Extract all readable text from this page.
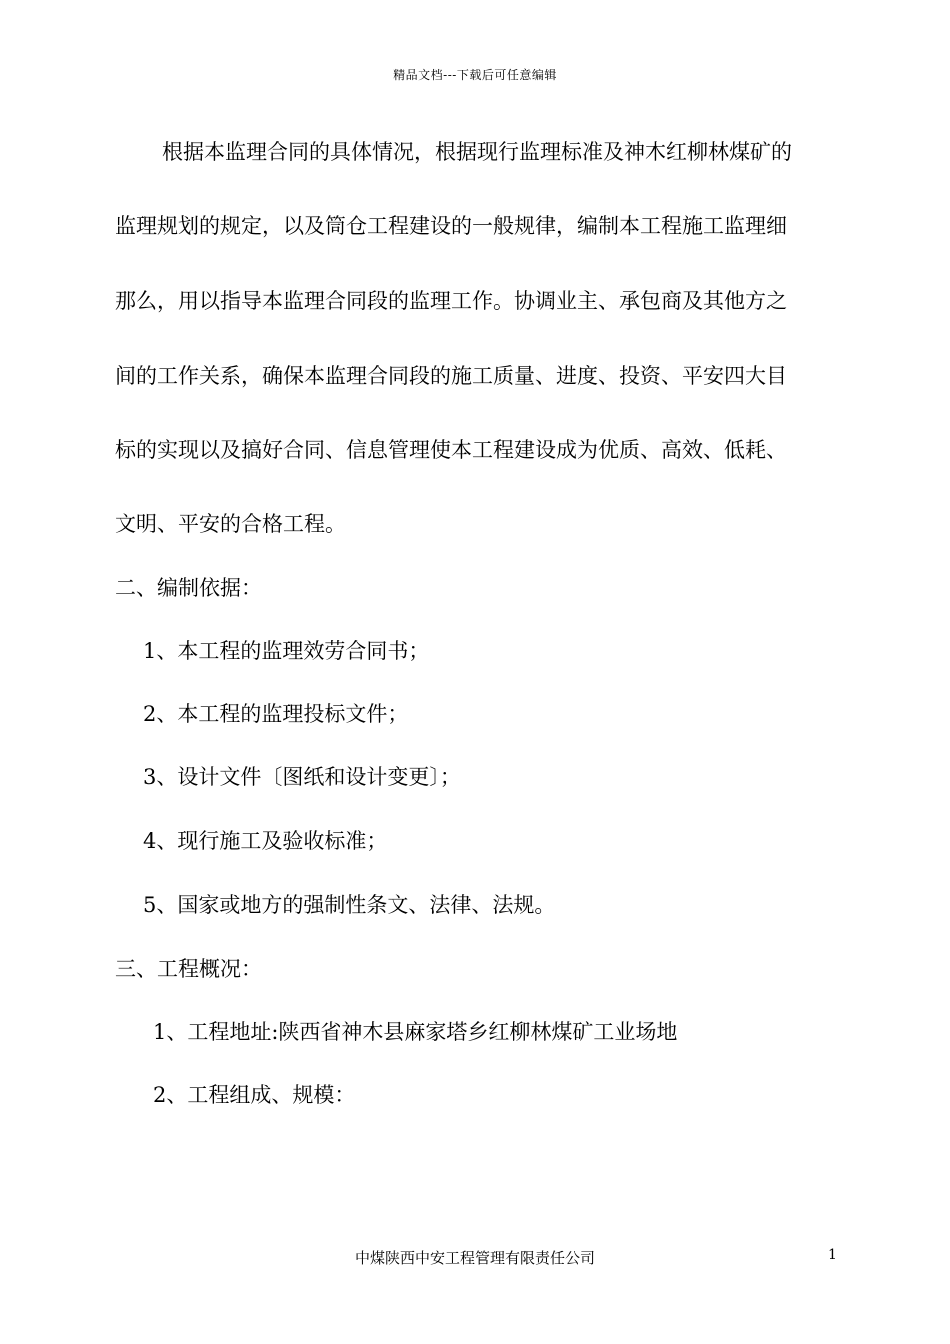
精品文档---下载后可任意编辑
根据本监理合同的具体情况，根据现行监理标准及神木红柳林煤矿的
监理规划的规定，以及筒仓工程建设的一般规律，编制本工程施工监理细
那么，用以指导本监理合同段的监理工作。协调业主、承包商及其他方之
间的工作关系，确保本监理合同段的施工质量、进度、投资、平安四大目
标的实现以及搞好合同、信息管理使本工程建设成为优质、高效、低耗、
文明、平安的合格工程。
二、编制依据：
1、本工程的监理效劳合同书；
2、本工程的监理投标文件；
3、设计文件〔图纸和设计变更〕；
4、现行施工及验收标准；
5、国家或地方的强制性条文、法律、法规。
三、工程概况：
1、工程地址:陕西省神木县麻家塔乡红柳林煤矿工业场地
2、工程组成、规模：
中煤陕西中安工程管理有限责任公司	1
